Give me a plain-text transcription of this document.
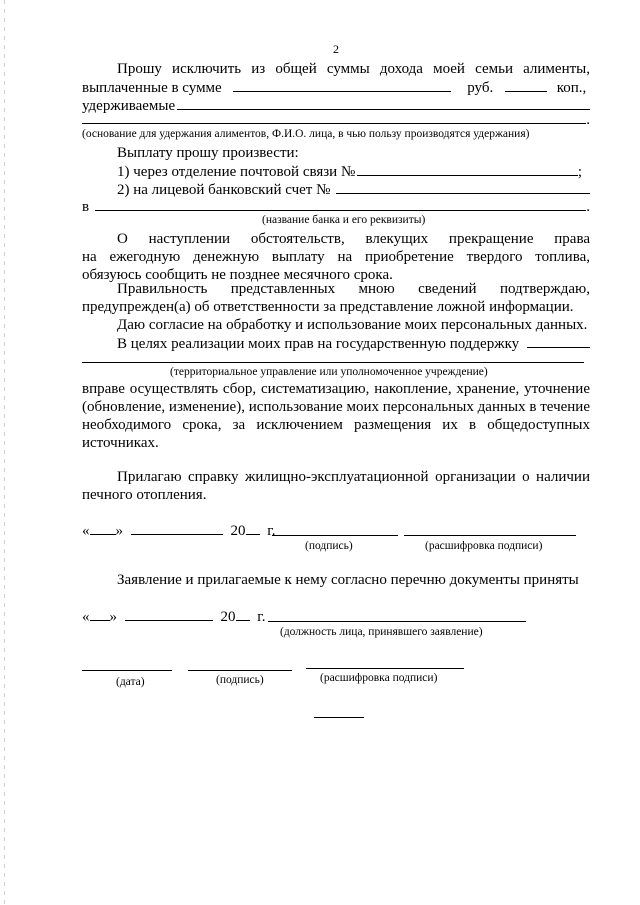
2
Прошу исключить из общей суммы дохода моей семьи алименты,
выплаченные в сумме	руб.	коп.,
удерживаемые
.
(основание для удержания алиментов, Ф.И.О. лица, в чью пользу производятся удержания)
Выплату прошу произвести:
1) через отделение почтовой связи №	;
2) на лицевой банковский счет №
в	.
(название банка и его реквизиты)
О наступлении обстоятельств, влекущих прекращение права
на ежегодную денежную выплату на приобретение твердого топлива,
обязуюсь сообщить не позднее месячного срока.
Правильность представленных мною сведений подтверждаю,
предупрежден(а) об ответственности за представление ложной информации.
Даю согласие на обработку и использование моих персональных данных.
В целях реализации моих прав на государственную поддержку
(территориальное управление или уполномоченное учреждение)
вправе осуществлять сбор, систематизацию, накопление, хранение, уточнение
(обновление, изменение), использование моих персональных данных в течение
необходимого срока, за исключением размещения их в общедоступных
источниках.
Прилагаю справку жилищно-эксплуатационной организации о наличии
печного отопления.
« »	20 г.
(подпись)	(расшифровка подписи)
Заявление и прилагаемые к нему согласно перечню документы приняты
« »	20 г.
(должность лица, принявшего заявление)
(дата)	(подпись)	(расшифровка подписи)
